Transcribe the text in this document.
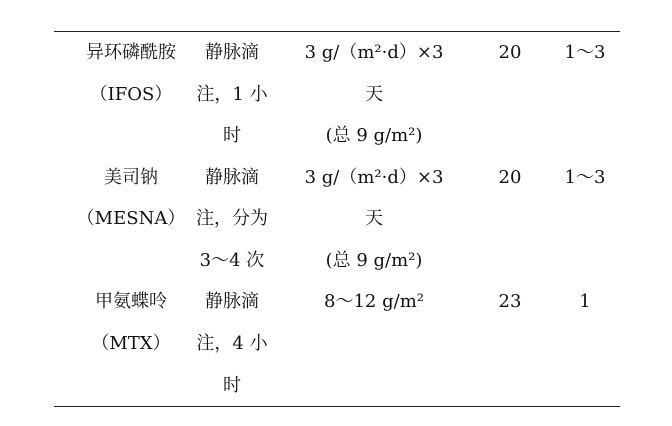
异环磷酰胺
（IFOS）
静脉滴
注，1 小
时
3 g/（m²·d）×3
天
(总 9 g/m²)
20 1～3
美司钠
（MESNA）
静脉滴
注，分为
3～4 次
3 g/（m²·d）×3
天
(总 9 g/m²)
20 1～3
甲氨蝶呤
（MTX）
静脉滴
注，4 小
时
8～12 g/m²	23	1
